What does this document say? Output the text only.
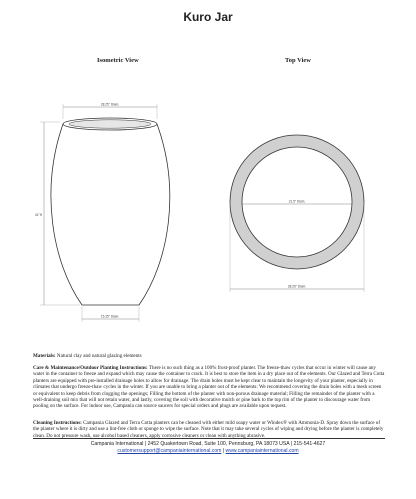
Kuro Jar
Isometric View	Top View
28.25" Diam.
41"H
15.25" Diam.
21.5" Diam.
28.25" Diam.
Materials: Natural clay and natural glazing elements
Care & Maintenance/Outdoor Planting Instructions: There is no such thing as a 100% frost-proof planter. The freeze-thaw cycles that occur in winter will cause any water in the container to freeze and expand which may cause the container to crack. It is best to store the item in a dry place out of the elements. Our Glazed and Terra Cotta planters are equipped with pre-installed drainage holes to allow for drainage. The drain holes must be kept clear to maintain the longevity of your planter, especially in climates that undergo freeze-thaw cycles in the winter. If you are unable to bring a planter out of the elements: We recommend covering the drain holes with a mesh screen or equivalent to keep debris from clogging the openings; Filling the bottom of the planter with non-porous drainage material; Filling the remainder of the planter with a well-draining soil mix that will not retain water, and lastly, covering the soil with decorative mulch or pine bark to the top rim of the planter to discourage water from pooling on the surface. For indoor use, Campania can source saucers for special orders and plugs are available upon request.
Cleaning Instructions: Campania Glazed and Terra Cotta planters can be cleaned with either mild soapy water or Windex® with Ammonia-D. Spray down the surface of the planter where it is dirty and use a lint-free cloth or sponge to wipe the surface. Note that it may take several cycles of wiping and drying before the planter is completely clean. Do not pressure wash, use alcohol based cleaners, apply corrosive cleaners or clean with anything abrasive.
Campania International | 2452 Quakertown Road, Suite 100, Pennsburg, PA 18073 USA | 215-541-4627
customersupport@campaniainternational.com | www.campaniainternational.com
